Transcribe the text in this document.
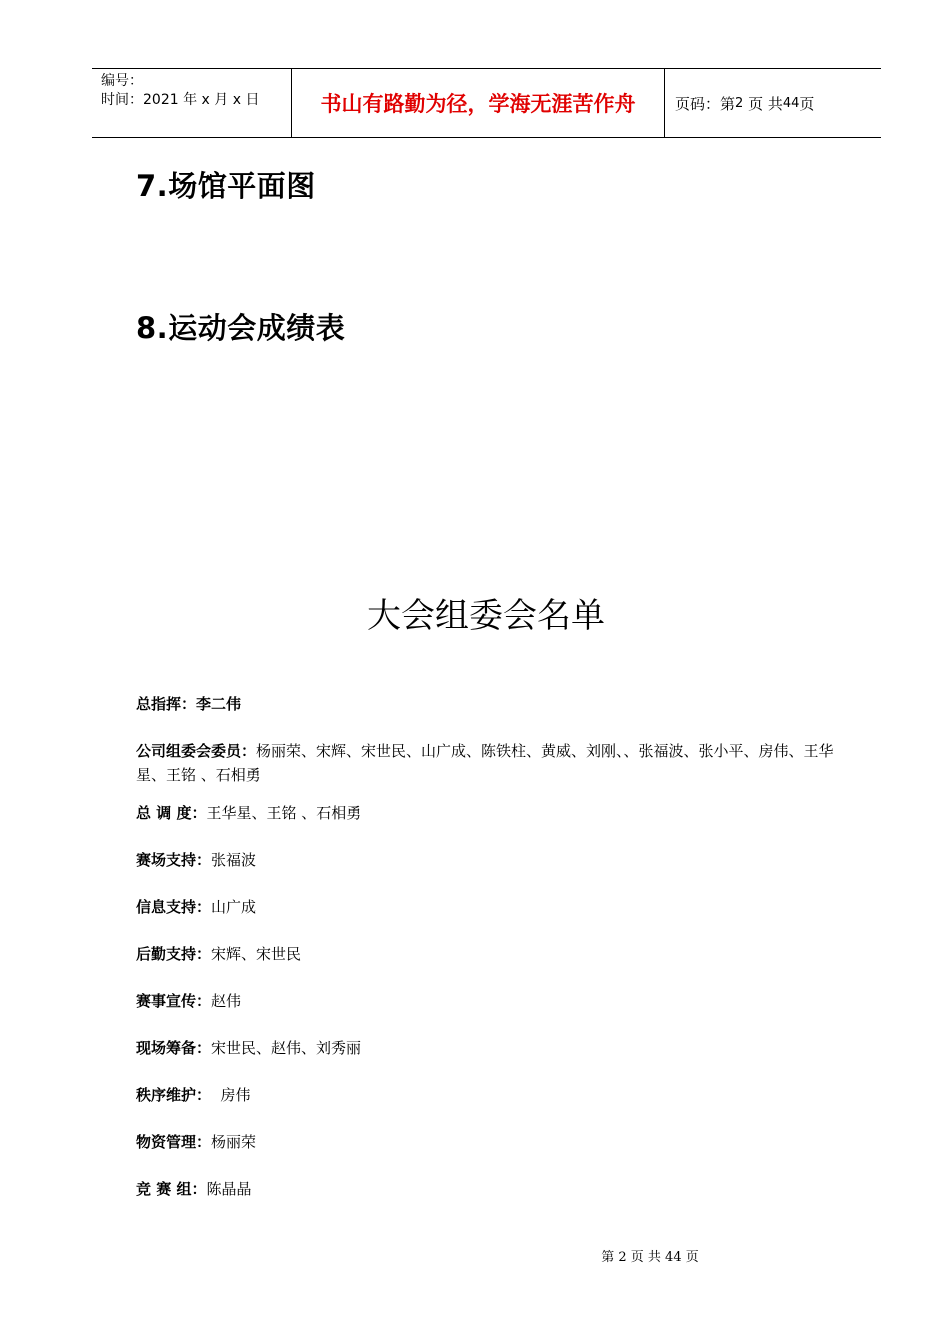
编号：
时间：2021 年 x 月 x 日	书山有路勤为径，学海无涯苦作舟	页码：第 2
页 共 44 页
7.场馆平面图
8.运动会成绩表
大会组委会名单
总指挥：李二伟
公司组委会委员：杨丽荣、宋辉、宋世民、山广成、陈铁柱、黄威、刘刚、、张福波、张小平、房伟、王华星、王铭 、石相勇
总 调 度：王华星、王铭 、石相勇
赛场支持：张福波
信息支持：山广成
后勤支持：宋辉、宋世民
赛事宣传：赵伟
现场筹备：宋世民、赵伟、刘秀丽
秩序维护：  房伟
物资管理：杨丽荣
竞 赛 组：陈晶晶
第 2 页 共 44 页
